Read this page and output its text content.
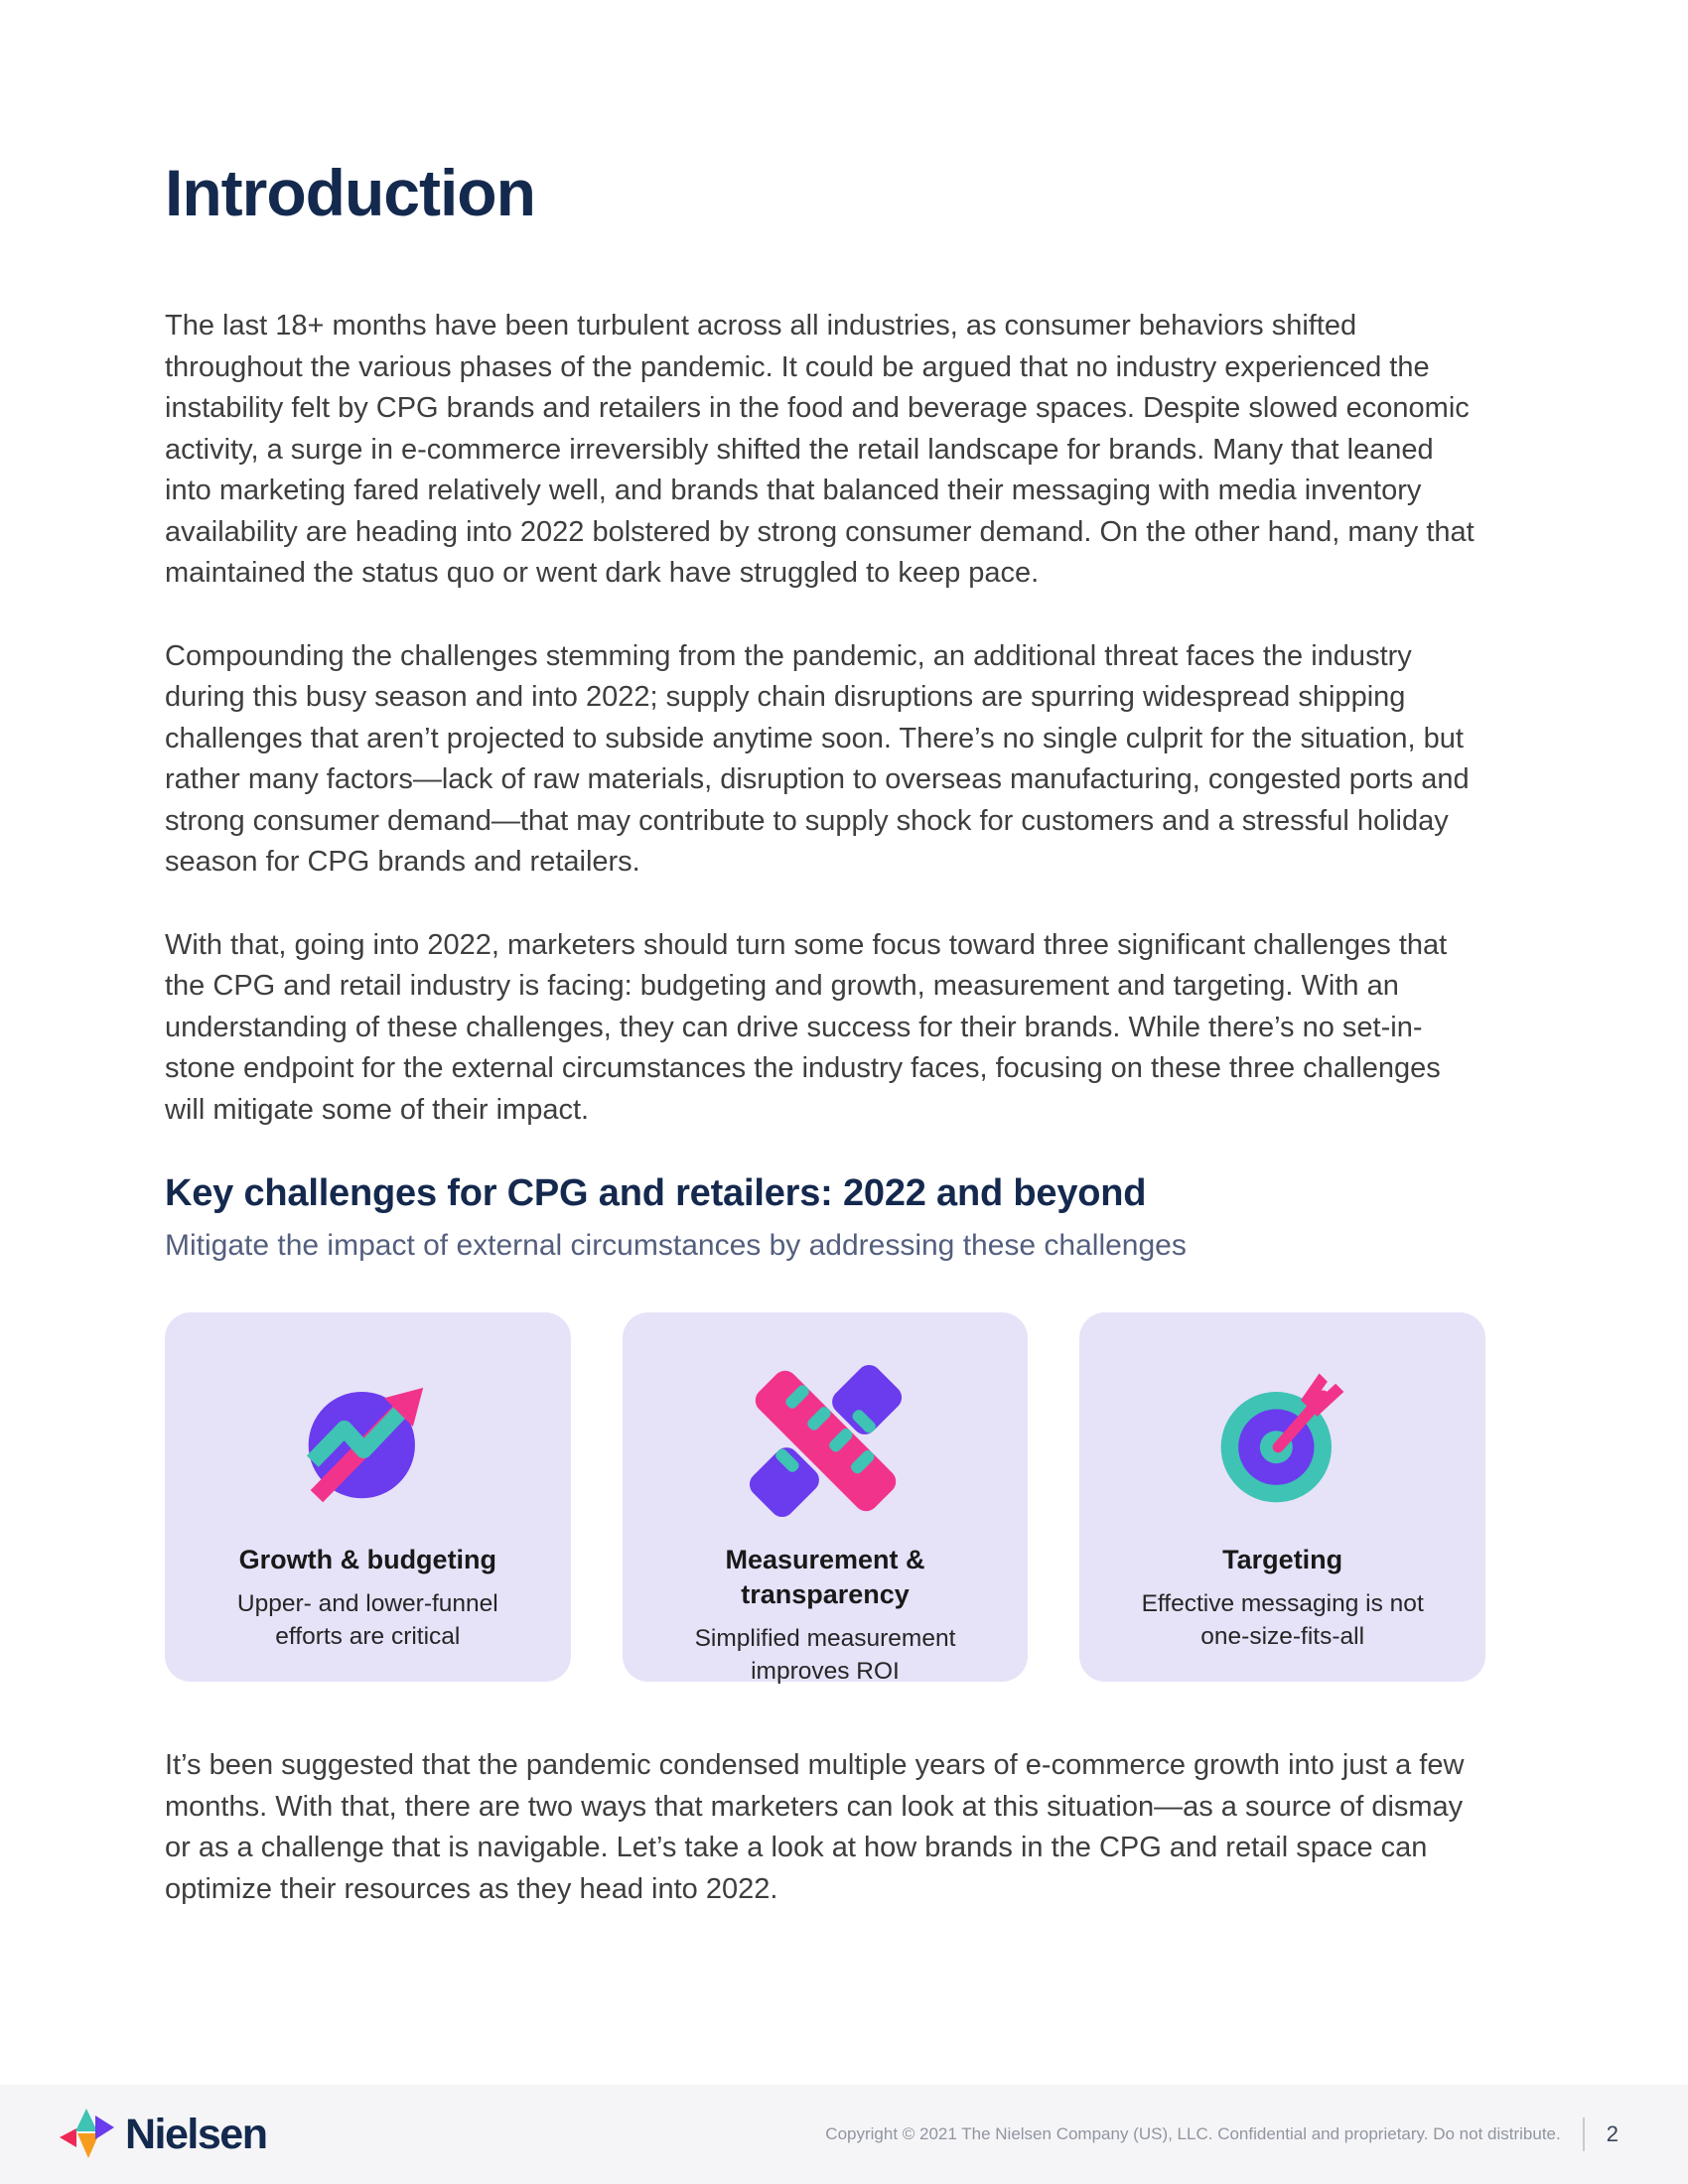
Introduction

The last 18+ months have been turbulent across all industries, as consumer behaviors shifted throughout the various phases of the pandemic. It could be argued that no industry experienced the instability felt by CPG brands and retailers in the food and beverage spaces. Despite slowed economic activity, a surge in e-commerce irreversibly shifted the retail landscape for brands. Many that leaned into marketing fared relatively well, and brands that balanced their messaging with media inventory availability are heading into 2022 bolstered by strong consumer demand. On the other hand, many that maintained the status quo or went dark have struggled to keep pace.

Compounding the challenges stemming from the pandemic, an additional threat faces the industry during this busy season and into 2022; supply chain disruptions are spurring widespread shipping challenges that aren’t projected to subside anytime soon. There’s no single culprit for the situation, but rather many factors—lack of raw materials, disruption to overseas manufacturing, congested ports and strong consumer demand—that may contribute to supply shock for customers and a stressful holiday season for CPG brands and retailers.

With that, going into 2022, marketers should turn some focus toward three significant challenges that the CPG and retail industry is facing: budgeting and growth, measurement and targeting. With an understanding of these challenges, they can drive success for their brands. While there’s no set-in-stone endpoint for the external circumstances the industry faces, focusing on these three challenges will mitigate some of their impact.

Key challenges for CPG and retailers: 2022 and beyond

Mitigate the impact of external circumstances by addressing these challenges

Growth & budgeting
Upper- and lower-funnel efforts are critical
Measurement & transparency
Simplified measurement improves ROI
Targeting
Effective messaging is not one-size-fits-all

It’s been suggested that the pandemic condensed multiple years of e-commerce growth into just a few months. With that, there are two ways that marketers can look at this situation—as a source of dismay or as a challenge that is navigable. Let’s take a look at how brands in the CPG and retail space can optimize their resources as they head into 2022.

Nielsen	Copyright © 2021 The Nielsen Company (US), LLC. Confidential and proprietary. Do not distribute. 2
